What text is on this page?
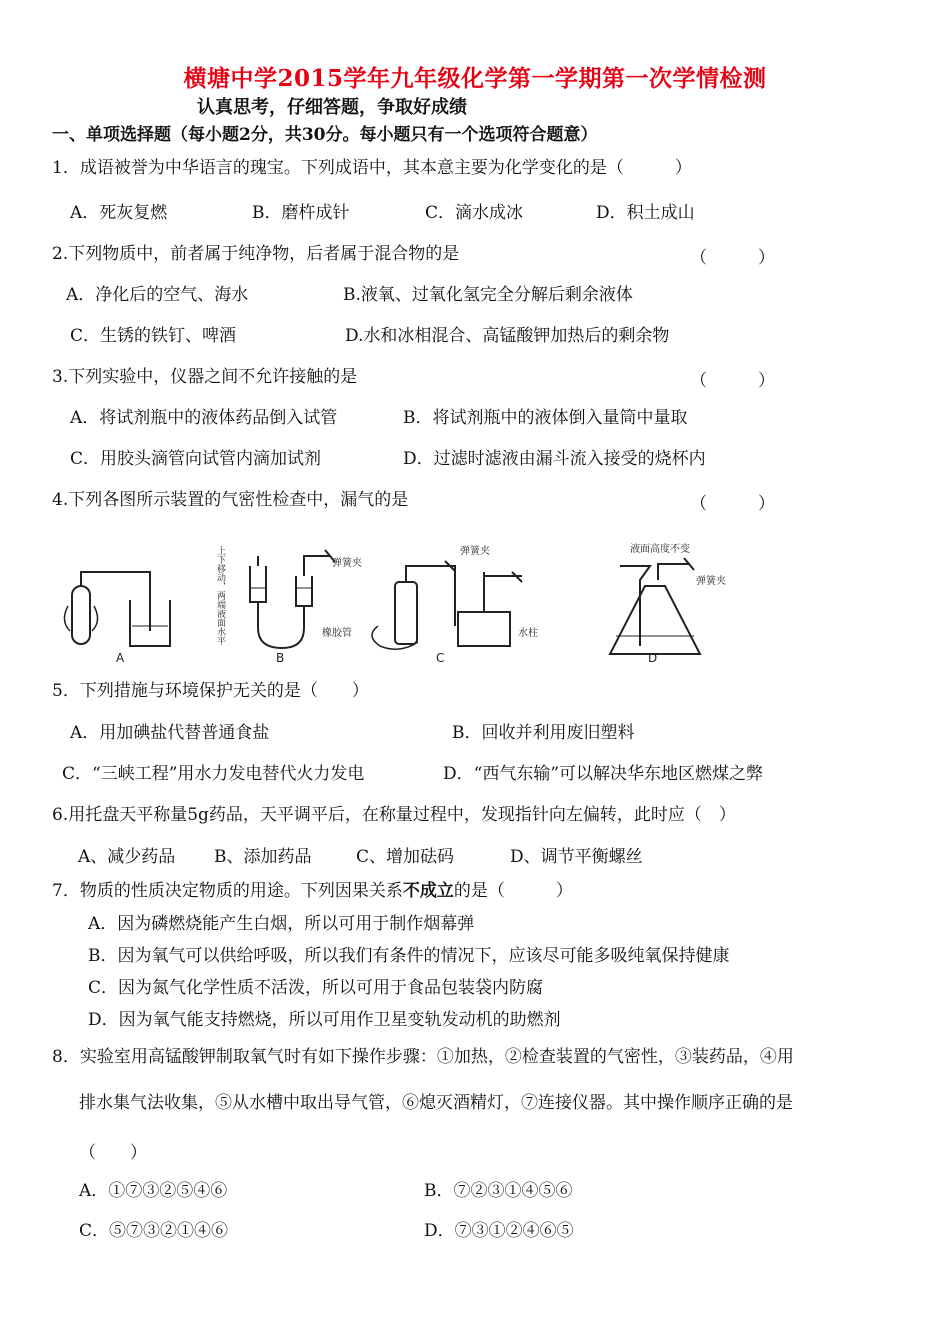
横塘中学2015学年九年级化学第一学期第一次学情检测
认真思考，仔细答题，争取好成绩
一、单项选择题（每小题2分，共30分。每小题只有一个选项符合题意）
1．成语被誉为中华语言的瑰宝。下列成语中，其本意主要为化学变化的是（　　　）
A．死灰复燃	B．磨杵成针	C．滴水成冰	D．积土成山
2.下列物质中，前者属于纯净物，后者属于混合物的是	（　　　）
A．净化后的空气、海水	B.液氧、过氧化氢完全分解后剩余液体
C．生锈的铁钉、啤酒	D.水和冰相混合、高锰酸钾加热后的剩余物
3.下列实验中，仪器之间不允许接触的是	（　　　）
A．将试剂瓶中的液体药品倒入试管	B．将试剂瓶中的液体倒入量筒中量取
C．用胶头滴管向试管内滴加试剂	D．过滤时滤液由漏斗流入接受的烧杯内
4.下列各图所示装置的气密性检查中，漏气的是	（　　　）
A	B	C	D
上下移动，两端液面水平	弹簧夹
橡胶管
弹簧夹
水柱
液面高度不变
弹簧夹
5．下列措施与环境保护无关的是（　　）
A．用加碘盐代替普通食盐	B．回收并利用废旧塑料
C．“三峡工程”用水力发电替代火力发电	D．“西气东输”可以解决华东地区燃煤之弊
6.用托盘天平称量5g药品，天平调平后，在称量过程中，发现指针向左偏转，此时应（　）
A、减少药品 B、添加药品	C、增加砝码	D、调节平衡螺丝
7．物质的性质决定物质的用途。下列因果关系不成立的是（　　　）
A．因为磷燃烧能产生白烟，所以可用于制作烟幕弹
B．因为氧气可以供给呼吸，所以我们有条件的情况下，应该尽可能多吸纯氧保持健康
C．因为氮气化学性质不活泼，所以可用于食品包装袋内防腐
D．因为氧气能支持燃烧，所以可用作卫星变轨发动机的助燃剂
8．实验室用高锰酸钾制取氧气时有如下操作步骤：①加热，②检查装置的气密性，③装药品，④用
排水集气法收集，⑤从水槽中取出导气管，⑥熄灭酒精灯，⑦连接仪器。其中操作顺序正确的是
（　　）
A．①⑦③②⑤④⑥	B．⑦②③①④⑤⑥
C．⑤⑦③②①④⑥	D．⑦③①②④⑥⑤
